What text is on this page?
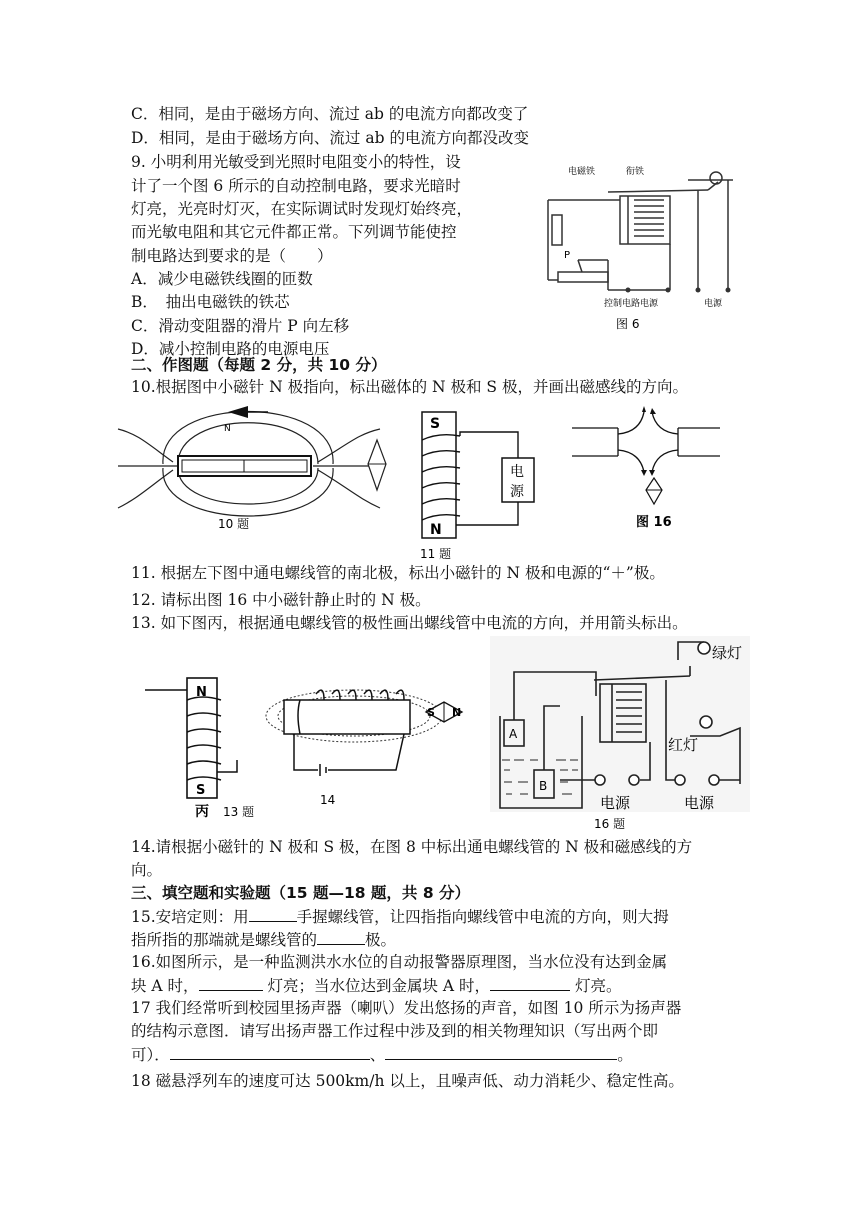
C．相同，是由于磁场方向、流过 ab 的电流方向都改变了
D．相同，是由于磁场方向、流过 ab 的电流方向都没改变
9. 小明利用光敏受到光照时电阻变小的特性，设
计了一个图 6 所示的自动控制电路，要求光暗时
灯亮，光亮时灯灭，在实际调试时发现灯始终亮，
而光敏电阻和其它元件都正常。下列调节能使控
制电路达到要求的是（　　）
A．减少电磁铁线圈的匝数
B．　抽出电磁铁的铁芯
C．滑动变阻器的滑片 P 向左移
D．减小控制电路的电源电压
二、作图题（每题 2 分，共 10 分）
10.根据图中小磁针 N 极指向，标出磁体的 N 极和 S 极，并画出磁感线的方向。
11. 根据左下图中通电螺线管的南北极，标出小磁针的 N 极和电源的“＋”极。
12. 请标出图 16 中小磁针静止时的 N 极。
13. 如下图丙，根据通电螺线管的极性画出螺线管中电流的方向，并用箭头标出。
14.请根据小磁针的 N 极和 S 极，在图 8 中标出通电螺线管的 N 极和磁感线的方
向。
三、填空题和实验题（15 题—18 题，共 8 分）
15.安培定则：用	手握螺线管，让四指指向螺线管中电流的方向，则大拇
指所指的那端就是螺线管的	极。
16.如图所示，是一种监测洪水水位的自动报警器原理图，当水位没有达到金属
块 A 时，	灯亮；当水位达到金属块 A 时，	灯亮。
17 我们经常听到校园里扬声器（喇叭）发出悠扬的声音，如图 10 所示为扬声器
的结构示意图．请写出扬声器工作过程中涉及到的相关物理知识（写出两个即
可）．	、	。
18 磁悬浮列车的速度可达 500km/h 以上，且噪声低、动力消耗少、稳定性高。
电磁铁	衔铁
P
控制电路电源	电源
图 6
N
10 题
S
N
电
源
11 题
图 16
N
S
丙 13 题
14
S N
A
B
绿灯
红灯
电源	电源
16 题
